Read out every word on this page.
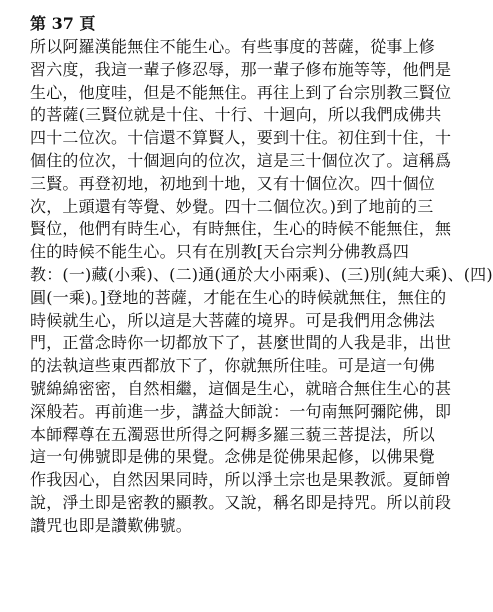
第 37 頁
所以阿羅漢能無住不能生心。有些事度的菩薩，從事上修
習六度，我這一輩子修忍辱，那一輩子修布施等等，他們是
生心，他度哇，但是不能無住。再往上到了台宗別教三賢位
的菩薩(三賢位就是十住、十行、十迴向，所以我們成佛共
四十二位次。十信還不算賢人，要到十住。初住到十住，十
個住的位次，十個迴向的位次，這是三十個位次了。這稱爲
三賢。再登初地，初地到十地，又有十個位次。四十個位
次，上頭還有等覺、妙覺。四十二個位次。)到了地前的三
賢位，他們有時生心，有時無住，生心的時候不能無住，無
住的時候不能生心。只有在別教[天台宗判分佛教爲四
教：(一)藏(小乘)、(二)通(通於大小兩乘)、(三)別(純大乘)、(四)
圓(一乘)。]登地的菩薩，才能在生心的時候就無住，無住的
時候就生心，所以這是大菩薩的境界。可是我們用念佛法
門，正當念時你一切都放下了，甚麼世間的人我是非，出世
的法執這些東西都放下了，你就無所住哇。可是這一句佛
號綿綿密密，自然相繼，這個是生心，就暗合無住生心的甚
深般若。再前進一步，講益大師說：一句南無阿彌陀佛，即
本師釋尊在五濁惡世所得之阿耨多羅三藐三菩提法，所以
這一句佛號即是佛的果覺。念佛是從佛果起修，以佛果覺
作我因心，自然因果同時，所以淨土宗也是果教派。夏師曾
說，淨土即是密教的顯教。又說，稱名即是持咒。所以前段
讚咒也即是讚歎佛號。
